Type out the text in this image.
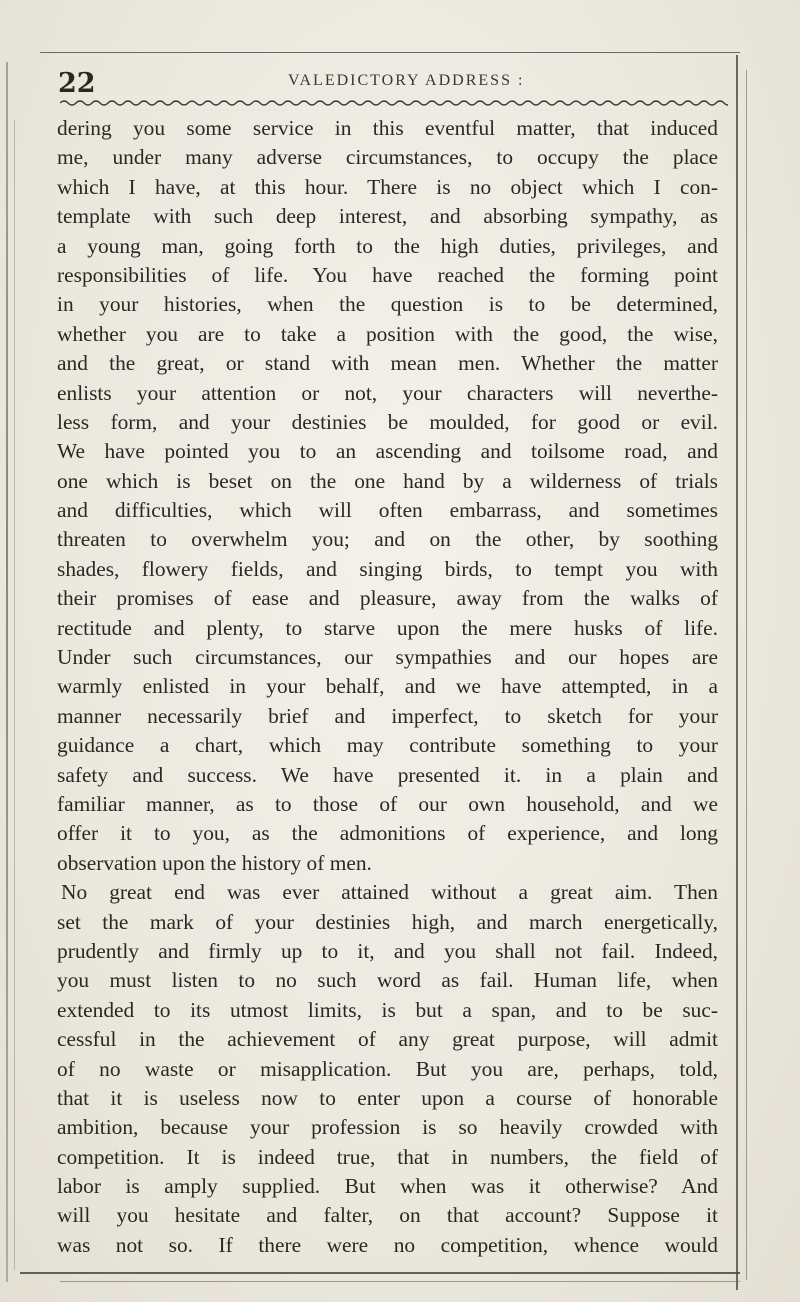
22	VALEDICTORY ADDRESS :
dering you some service in this eventful matter, that induced
me, under many adverse circumstances, to occupy the place
which I have, at this hour. There is no object which I con-
template with such deep interest, and absorbing sympathy, as
a young man, going forth to the high duties, privileges, and
responsibilities of life. You have reached the forming point
in your histories, when the question is to be determined,
whether you are to take a position with the good, the wise,
and the great, or stand with mean men. Whether the matter
enlists your attention or not, your characters will neverthe-
less form, and your destinies be moulded, for good or evil.
We have pointed you to an ascending and toilsome road, and
one which is beset on the one hand by a wilderness of trials
and difficulties, which will often embarrass, and sometimes
threaten to overwhelm you; and on the other, by soothing
shades, flowery fields, and singing birds, to tempt you with
their promises of ease and pleasure, away from the walks of
rectitude and plenty, to starve upon the mere husks of life.
Under such circumstances, our sympathies and our hopes are
warmly enlisted in your behalf, and we have attempted, in a
manner necessarily brief and imperfect, to sketch for your
guidance a chart, which may contribute something to your
safety and success. We have presented it. in a plain and
familiar manner, as to those of our own household, and we
offer it to you, as the admonitions of experience, and long
observation upon the history of men.
No great end was ever attained without a great aim. Then
set the mark of your destinies high, and march energetically,
prudently and firmly up to it, and you shall not fail. Indeed,
you must listen to no such word as fail. Human life, when
extended to its utmost limits, is but a span, and to be suc-
cessful in the achievement of any great purpose, will admit
of no waste or misapplication. But you are, perhaps, told,
that it is useless now to enter upon a course of honorable
ambition, because your profession is so heavily crowded with
competition. It is indeed true, that in numbers, the field of
labor is amply supplied. But when was it otherwise? And
will you hesitate and falter, on that account? Suppose it
was not so. If there were no competition, whence would
